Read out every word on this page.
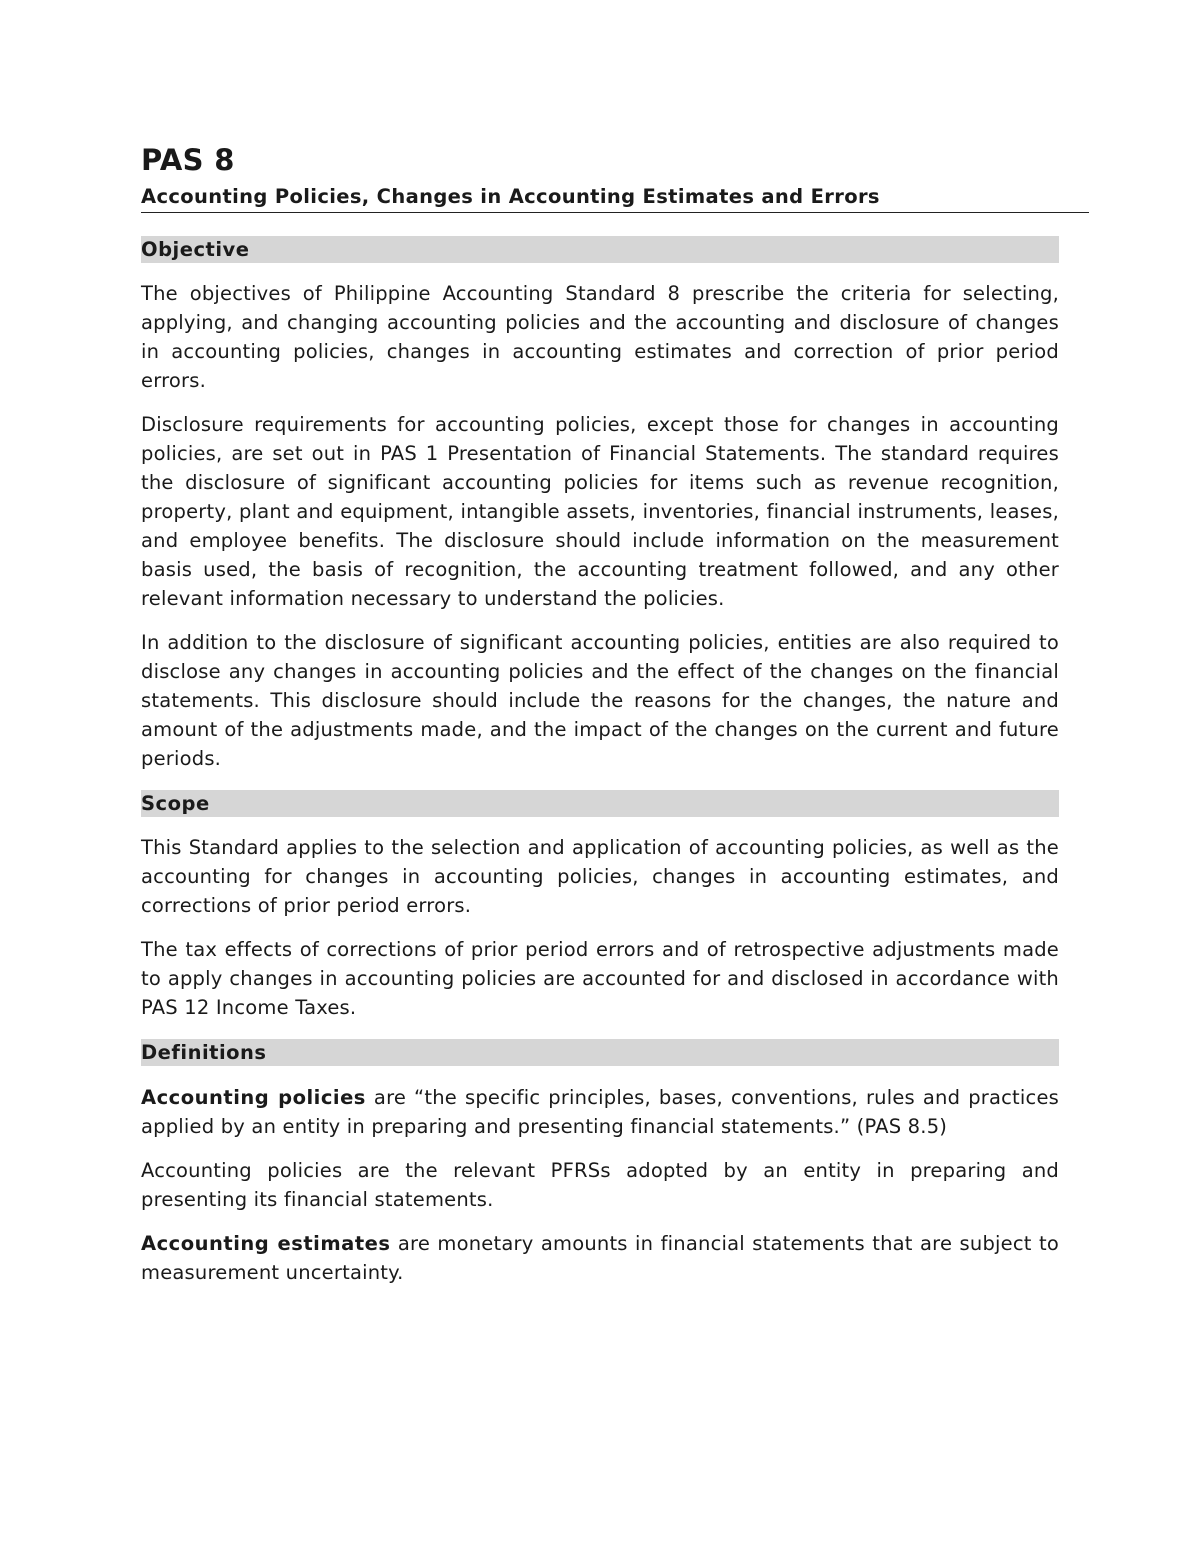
PAS 8

Accounting Policies, Changes in Accounting Estimates and Errors

Objective

The objectives of Philippine Accounting Standard 8 prescribe the criteria for selecting, applying, and changing accounting policies and the accounting and disclosure of changes in accounting policies, changes in accounting estimates and correction of prior period errors.

Disclosure requirements for accounting policies, except those for changes in accounting policies, are set out in PAS 1 Presentation of Financial Statements. The standard requires the disclosure of significant accounting policies for items such as revenue recognition, property, plant and equipment, intangible assets, inventories, financial instruments, leases, and employee benefits. The disclosure should include information on the measurement basis used, the basis of recognition, the accounting treatment followed, and any other relevant information necessary to understand the policies.

In addition to the disclosure of significant accounting policies, entities are also required to disclose any changes in accounting policies and the effect of the changes on the financial statements. This disclosure should include the reasons for the changes, the nature and amount of the adjustments made, and the impact of the changes on the current and future periods.

Scope

This Standard applies to the selection and application of accounting policies, as well as the accounting for changes in accounting policies, changes in accounting estimates, and corrections of prior period errors.

The tax effects of corrections of prior period errors and of retrospective adjustments made to apply changes in accounting policies are accounted for and disclosed in accordance with PAS 12 Income Taxes.

Definitions

Accounting policies are “the specific principles, bases, conventions, rules and practices applied by an entity in preparing and presenting financial statements.” (PAS 8.5)

Accounting policies are the relevant PFRSs adopted by an entity in preparing and presenting its financial statements.

Accounting estimates are monetary amounts in financial statements that are subject to measurement uncertainty.
